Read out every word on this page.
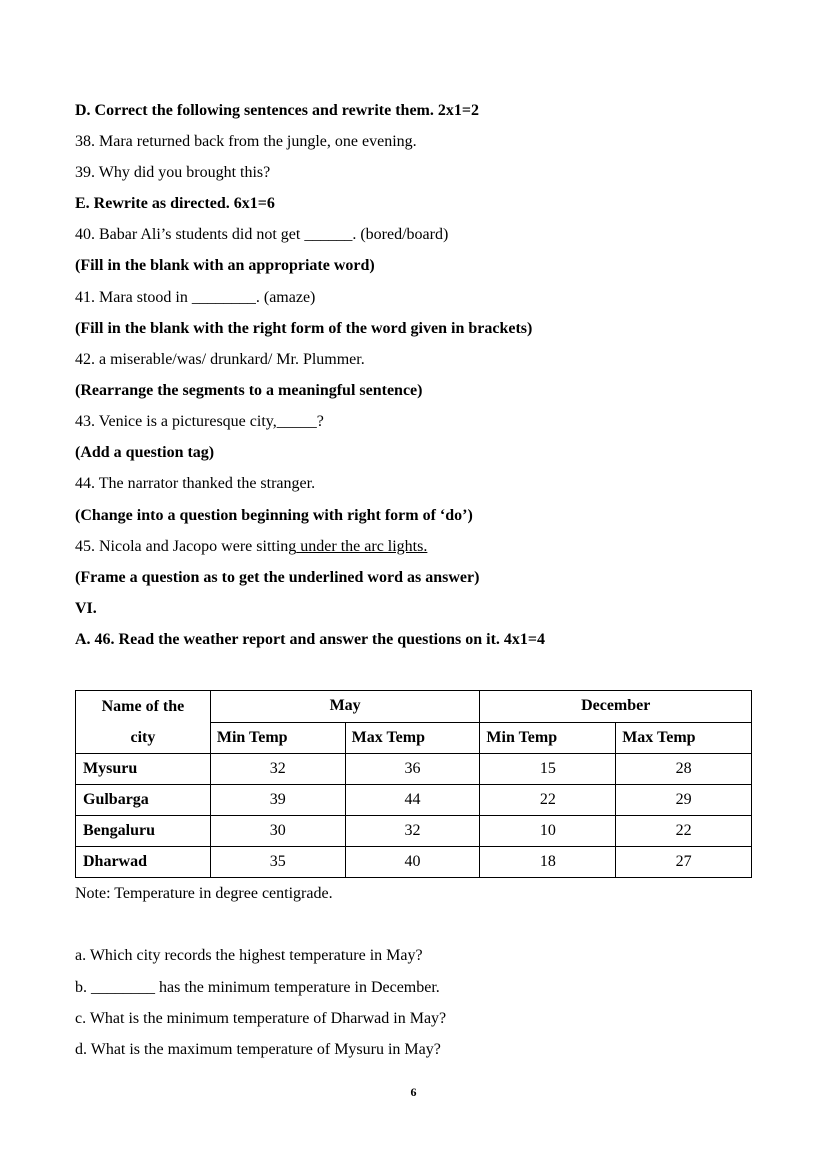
D. Correct the following sentences and rewrite them. 2x1=2
38. Mara returned back from the jungle, one evening.
39. Why did you brought this?
E. Rewrite as directed. 6x1=6
40. Babar Ali’s students did not get ______. (bored/board)
(Fill in the blank with an appropriate word)
41. Mara stood in ________. (amaze)
(Fill in the blank with the right form of the word given in brackets)
42. a miserable/was/ drunkard/ Mr. Plummer.
(Rearrange the segments to a meaningful sentence)
43. Venice is a picturesque city,_____?
(Add a question tag)
44. The narrator thanked the stranger.
(Change into a question beginning with right form of ‘do’)
45. Nicola and Jacopo were sitting under the arc lights.
(Frame a question as to get the underlined word as answer)
VI.
A. 46. Read the weather report and answer the questions on it. 4x1=4
Name of the
city	May		December	
	Min Temp	Max Temp	Min Temp	Max Temp
Mysuru	32	36	15	28
Gulbarga	39	44	22	29
Bengaluru	30	32	10	22
Dharwad	35	40	18	27
Note: Temperature in degree centigrade.
a. Which city records the highest temperature in May?
b. ________ has the minimum temperature in December.
c. What is the minimum temperature of Dharwad in May?
d. What is the maximum temperature of Mysuru in May?
6
